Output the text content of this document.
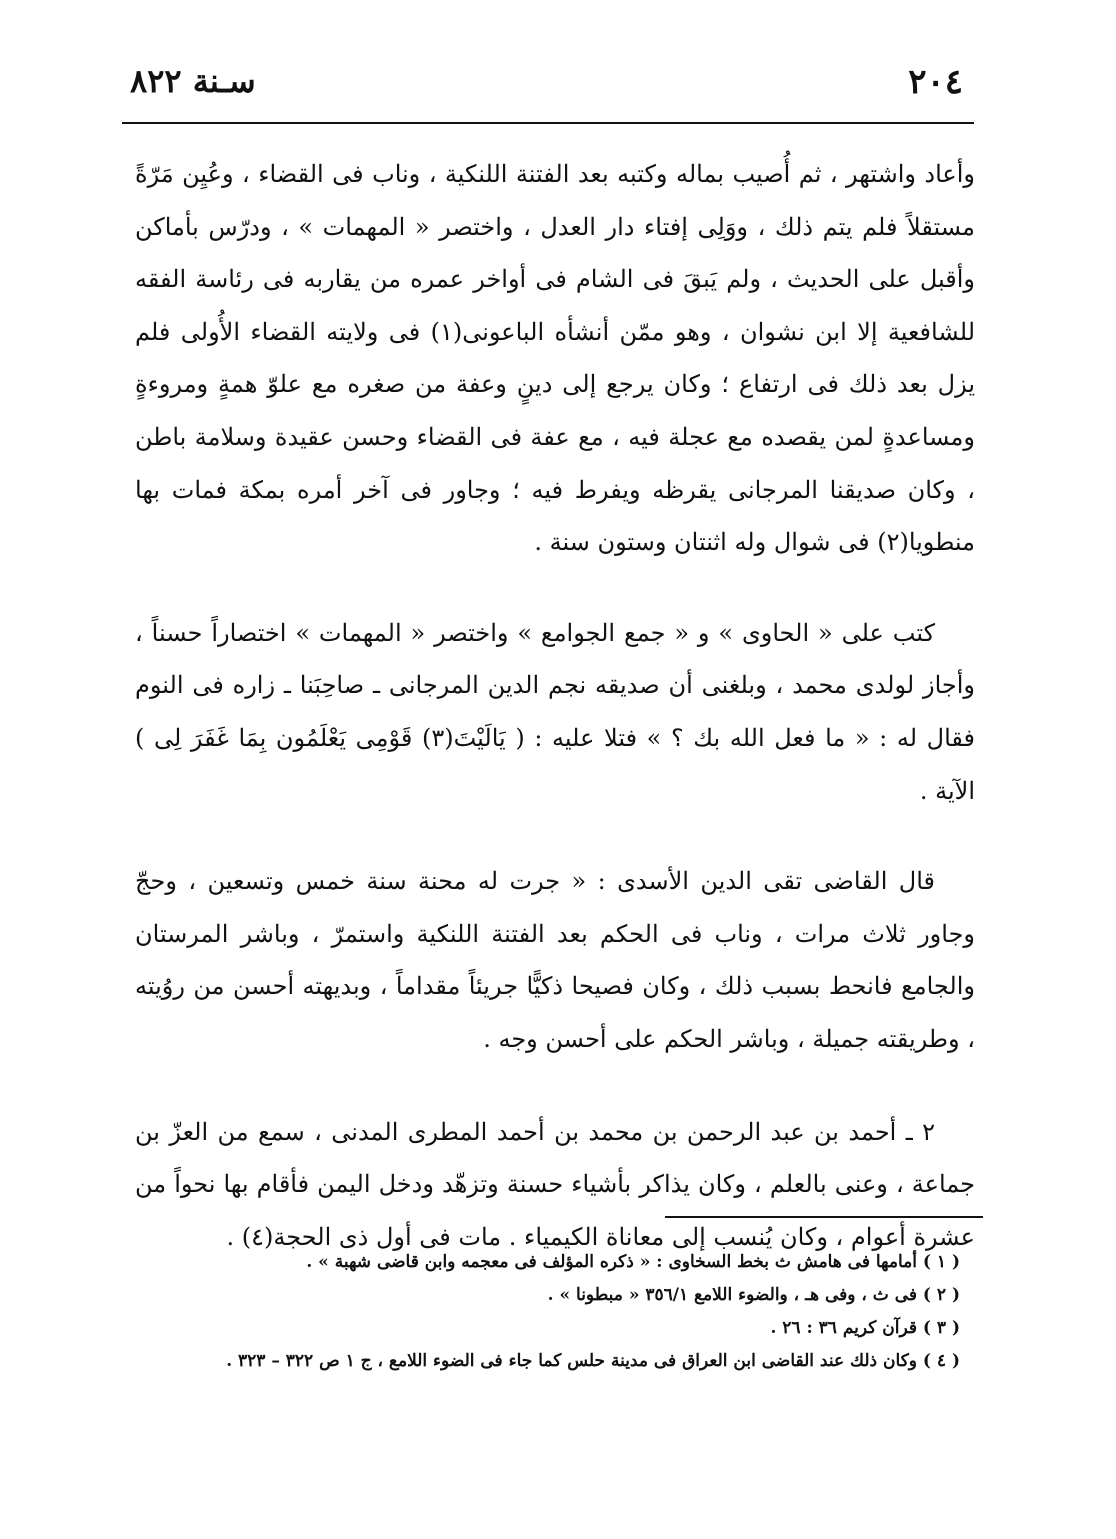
٢٠٤
سـنة ٨٢٢

وأعاد واشتهر ، ثم أُصيب بماله وكتبه بعد الفتنة اللنكية ، وناب فى القضاء ، وعُيِن مَرّةً مستقلاً فلم يتم ذلك ، ووَلِى إفتاء دار العدل ، واختصر « المهمات » ، ودرّس بأماكن وأقبل على الحديث ، ولم يَبقَ فى الشام فى أواخر عمره من يقاربه فى رئاسة الفقه للشافعية إلا ابن نشوان ، وهو ممّن أنشأه الباعونى(١) فى ولايته القضاء الأُولى فلم يزل بعد ذلك فى ارتفاع ؛ وكان يرجع إلى دينٍ وعفة من صغره مع علوّ همةٍ ومروءةٍ ومساعدةٍ لمن يقصده مع عجلة فيه ، مع عفة فى القضاء وحسن عقيدة وسلامة باطن ، وكان صديقنا المرجانى يقرظه ويفرط فيه ؛ وجاور فى آخر أمره بمكة فمات بها منطويا(٢) فى شوال وله اثنتان وستون سنة .

كتب على « الحاوى » و « جمع الجوامع » واختصر « المهمات » اختصاراً حسناً ، وأجاز لولدى محمد ، وبلغنى أن صديقه نجم الدين المرجانى ـ صاحِبَنا ـ زاره فى النوم فقال له : « ما فعل الله بك ؟ » فتلا عليه : ( يَالَيْتَ(٣) قَوْمِى يَعْلَمُون بِمَا غَفَرَ لِى ) الآية .

قال القاضى تقى الدين الأسدى : « جرت له محنة سنة خمس وتسعين ، وحجّ وجاور ثلاث مرات ، وناب فى الحكم بعد الفتنة اللنكية واستمرّ ، وباشر المرستان والجامع فانحط بسبب ذلك ، وكان فصيحا ذكيًّا جريئاً مقداماً ، وبديهته أحسن من روُيته ، وطريقته جميلة ، وباشر الحكم على أحسن وجه .

٢ ـ أحمد بن عبد الرحمن بن محمد بن أحمد المطرى المدنى ، سمع من العزّ بن جماعة ، وعنى بالعلم ، وكان يذاكر بأشياء حسنة وتزهّد ودخل اليمن فأقام بها نحواً من عشرة أعوام ، وكان يُنسب إلى معاناة الكيمياء . مات فى أول ذى الحجة(٤) .

( ١ ) أمامها فى هامش ث بخط السخاوى : « ذكره المؤلف فى معجمه وابن قاضى شهبة » .

( ٢ ) فى ث ، وفى هـ ، والضوء اللامع ٣٥٦/١ « مبطونا » .

( ٣ ) قرآن كريم ٣٦ : ٢٦ .

( ٤ ) وكان ذلك عند القاضى ابن العراق فى مدينة حلس كما جاء فى الضوء اللامع ، ج ١ ص ٣٢٢ – ٣٢٣ .
